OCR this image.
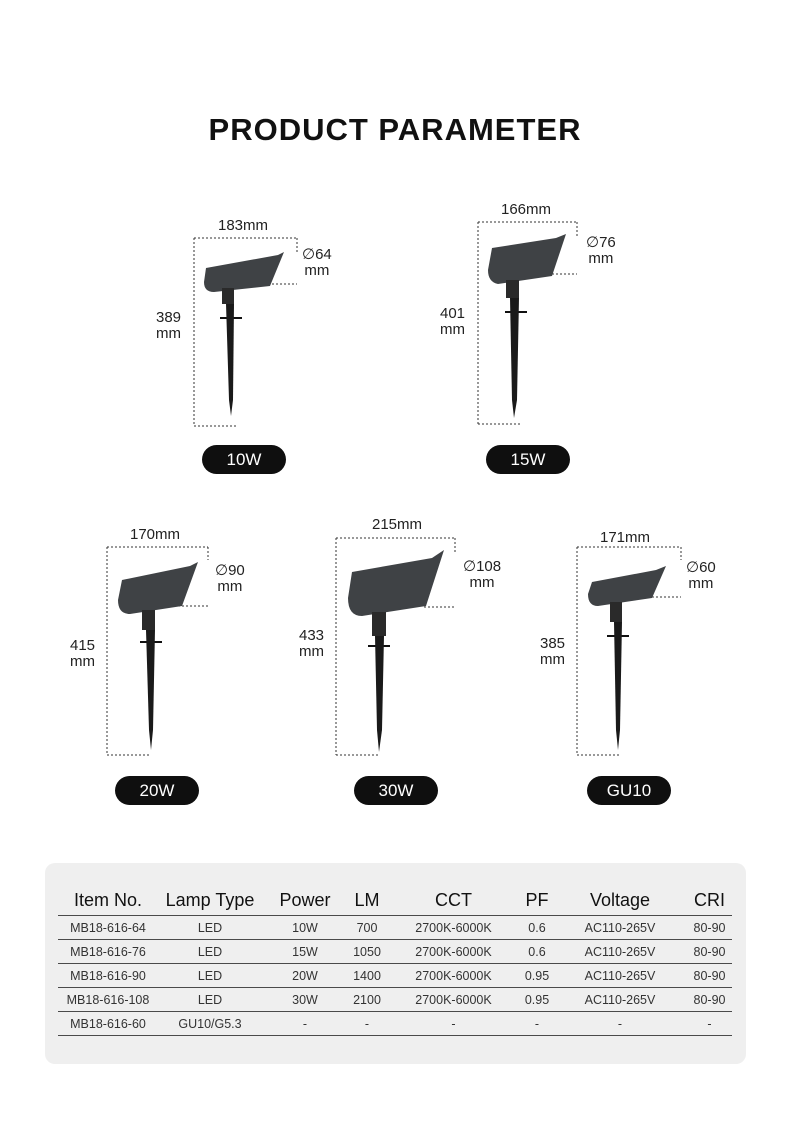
PRODUCT PARAMETER
183mm
389
mm
∅64
mm
10W
166mm
401
mm
∅76
mm
15W
170mm
415
mm
∅90
mm
20W
215mm
433
mm
∅108
mm
30W
171mm
385
mm
∅60
mm
GU10
Item No.	Lamp Type	Power	LM	CCT	PF	Voltage	CRI
MB18-616-64	LED	10W	700	2700K-6000K	0.6	AC110-265V	80-90
MB18-616-76	LED	15W	1050	2700K-6000K	0.6	AC110-265V	80-90
MB18-616-90	LED	20W	1400	2700K-6000K	0.95	AC110-265V	80-90
MB18-616-108	LED	30W	2100	2700K-6000K	0.95	AC110-265V	80-90
MB18-616-60	GU10/G5.3	-	-	-	-	-	-
